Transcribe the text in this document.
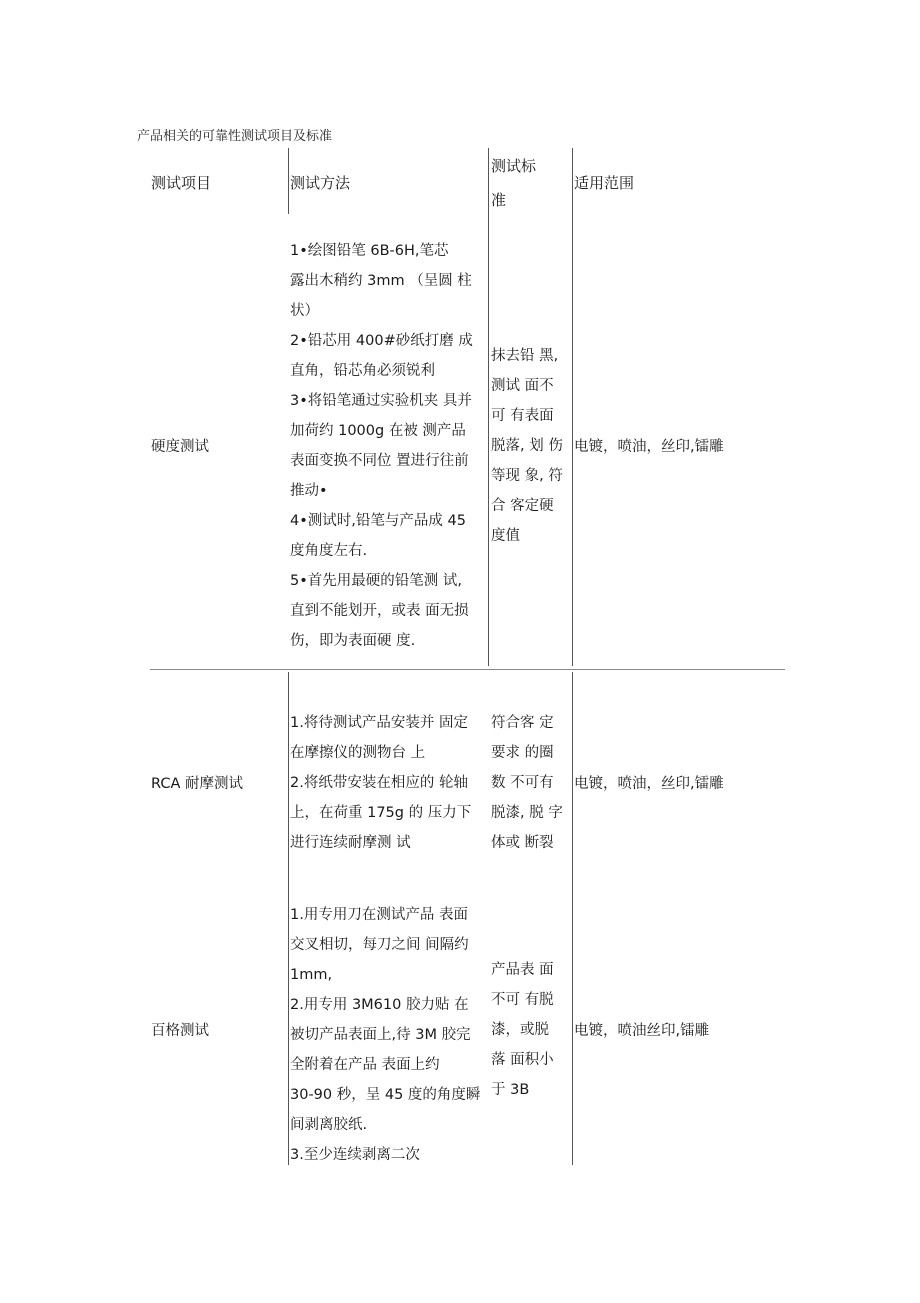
产品相关的可靠性测试项目及标准
测试项目	测试方法
测试标
准
适用范围
硬度测试
1•绘图铅笔 6B-6H,笔芯
露出木稍约 3mm （呈圆 柱
状）
2•铅芯用 400#砂纸打磨 成
直角，铅芯角必须锐利
3•将铅笔通过实验机夹 具并
加荷约 1000g 在被 测产品
表面变换不同位 置进行往前
推动•
4•测试时,铅笔与产品成 45
度角度左右.
5•首先用最硬的铅笔测 试,
直到不能划开，或表 面无损
伤，即为表面硬 度.
抹去铅 黑,
测试 面不
可 有表面
脱落, 划 伤
等现 象, 符
合 客定硬
度值
电镀，喷油，丝印,镭雕
RCA 耐摩测试
1.将待测试产品安装并 固定
在摩擦仪的测物台 上
2.将纸带安装在相应的 轮轴
上，在荷重 175g 的 压力下
进行连续耐摩测 试
符合客 定
要求 的圈
数 不可有
脱漆, 脱 字
体或 断裂
电镀，喷油，丝印,镭雕
百格测试
1.用专用刀在测试产品 表面
交叉相切，每刀之间 间隔约
1mm,
2.用专用 3M610 胶力贴 在
被切产品表面上,待 3M 胶完
全附着在产品 表面上约
30-90 秒，呈 45 度的角度瞬
间剥离胶纸.
3.至少连续剥离二次
产品表 面
不可 有脱
漆，或脱
落 面积小
于 3B
电镀，喷油丝印,镭雕
